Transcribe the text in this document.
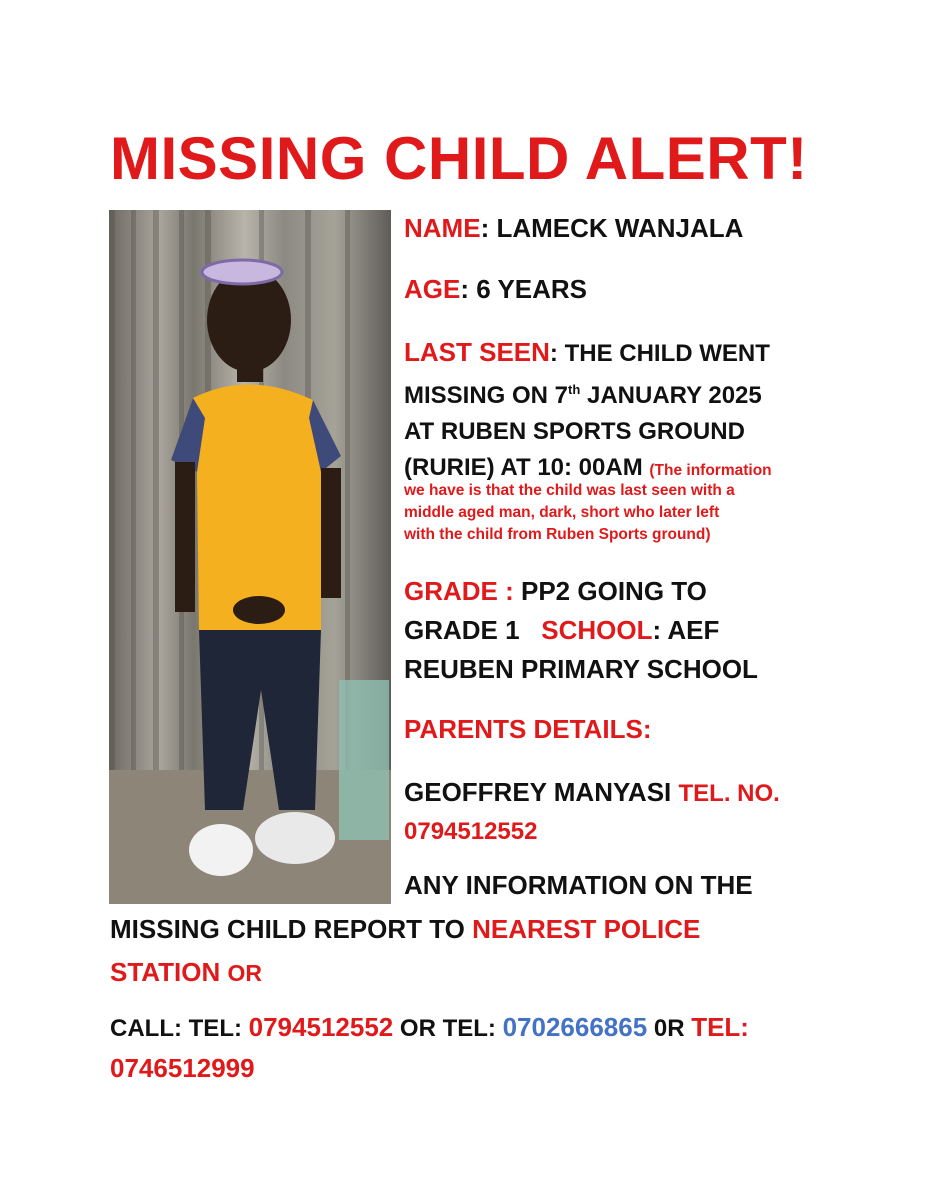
MISSING CHILD ALERT!

NAME: LAMECK WANJALA

AGE: 6 YEARS

LAST SEEN: THE CHILD WENT
MISSING ON 7th JANUARY 2025
AT RUBEN SPORTS GROUND
(RURIE) AT 10: 00AM (The information
we have is that the child was last seen with a
middle aged man, dark, short who later left
with the child from Ruben Sports ground)
GRADE : PP2 GOING TO
GRADE 1   SCHOOL: AEF
REUBEN PRIMARY SCHOOL

PARENTS DETAILS:

GEOFFREY MANYASI TEL. NO.
0794512552
ANY INFORMATION ON THE
MISSING CHILD REPORT TO NEAREST POLICE
STATION OR
CALL: TEL: 0794512552 OR TEL: 0702666865 0R TEL:
0746512999
